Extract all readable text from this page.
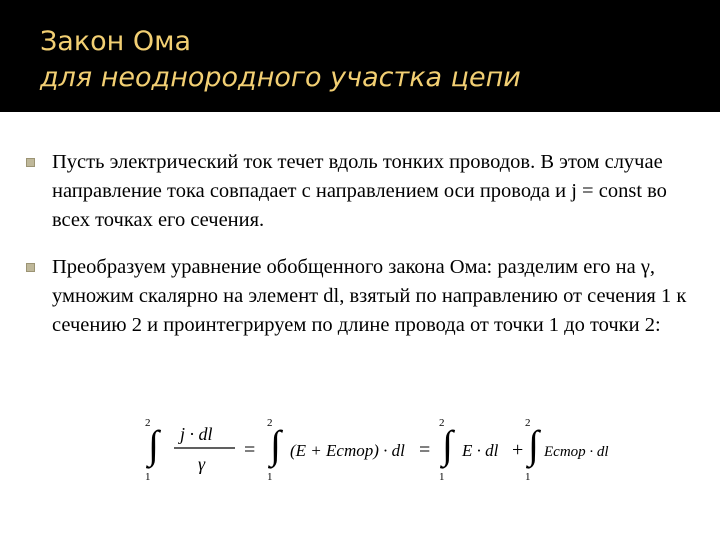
Закон Ома
для неоднородного участка цепи
Пусть электрический ток течет вдоль тонких проводов. В этом случае направление тока совпадает с направлением оси провода и j = const во всех точках его сечения.
Преобразуем уравнение обобщенного закона Ома: разделим его на γ, умножим скалярно на элемент dl, взятый по направлению от сечения 1 к сечению 2 и проинтегрируем по длине провода от точки 1 до точки 2:
∫
2
1
j · dl
γ
= ∫
2
1
(E + Eстор) · dl = ∫
2
1
E · dl + ∫
2
1
Eстор · dl
